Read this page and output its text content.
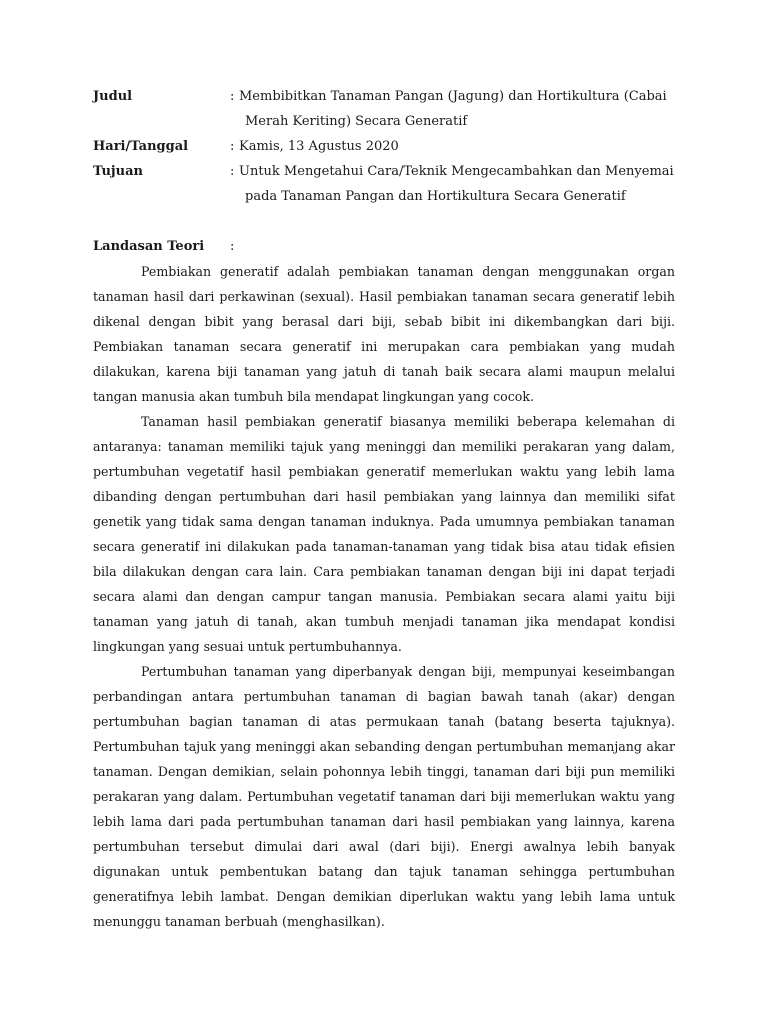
Judul	: Membibitkan Tanaman Pangan (Jagung) dan Hortikultura (Cabai
Merah Keriting) Secara Generatif
Hari/Tanggal	: Kamis, 13 Agustus 2020
Tujuan	: Untuk Mengetahui Cara/Teknik Mengecambahkan dan Menyemai
pada Tanaman Pangan dan Hortikultura Secara Generatif
Landasan Teori	:

Pembiakan generatif adalah pembiakan tanaman dengan menggunakan organ tanaman hasil dari perkawinan (sexual). Hasil pembiakan tanaman secara generatif lebih dikenal dengan bibit yang berasal dari biji, sebab bibit ini dikembangkan dari biji. Pembiakan tanaman secara generatif ini merupakan cara pembiakan yang mudah dilakukan, karena biji tanaman yang jatuh di tanah baik secara alami maupun melalui tangan manusia akan tumbuh bila mendapat lingkungan yang cocok.

Tanaman hasil pembiakan generatif biasanya memiliki beberapa kelemahan di antaranya: tanaman memiliki tajuk yang meninggi dan memiliki perakaran yang dalam, pertumbuhan vegetatif hasil pembiakan generatif memerlukan waktu yang lebih lama dibanding dengan pertumbuhan dari hasil pembiakan yang lainnya dan memiliki sifat genetik yang tidak sama dengan tanaman induknya. Pada umumnya pembiakan tanaman secara generatif ini dilakukan pada tanaman-tanaman yang tidak bisa atau tidak efisien bila dilakukan dengan cara lain. Cara pembiakan tanaman dengan biji ini dapat terjadi secara alami dan dengan campur tangan manusia. Pembiakan secara alami yaitu biji tanaman yang jatuh di tanah, akan tumbuh menjadi tanaman jika mendapat kondisi lingkungan yang sesuai untuk pertumbuhannya.

Pertumbuhan tanaman yang diperbanyak dengan biji, mempunyai keseimbangan perbandingan antara pertumbuhan tanaman di bagian bawah tanah (akar) dengan pertumbuhan bagian tanaman di atas permukaan tanah (batang beserta tajuknya). Pertumbuhan tajuk yang meninggi akan sebanding dengan pertumbuhan memanjang akar tanaman. Dengan demikian, selain pohonnya lebih tinggi, tanaman dari biji pun memiliki perakaran yang dalam. Pertumbuhan vegetatif tanaman dari biji memerlukan waktu yang lebih lama dari pada pertumbuhan tanaman dari hasil pembiakan yang lainnya, karena pertumbuhan tersebut dimulai dari awal (dari biji). Energi awalnya lebih banyak digunakan untuk pembentukan batang dan tajuk tanaman sehingga pertumbuhan generatifnya lebih lambat. Dengan demikian diperlukan waktu yang lebih lama untuk menunggu tanaman berbuah (menghasilkan).
